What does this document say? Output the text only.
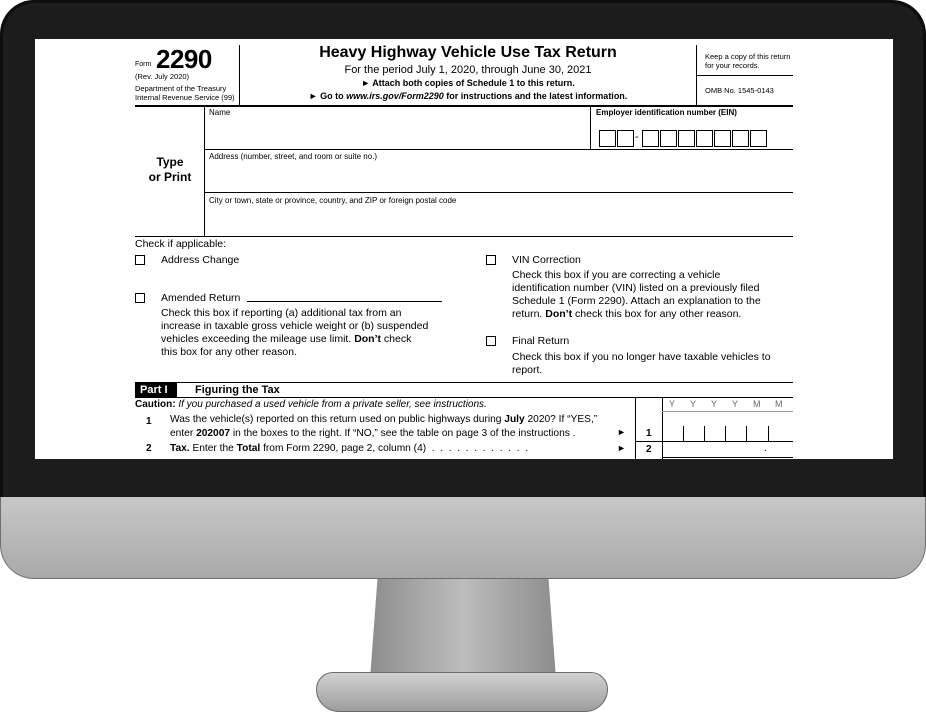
Form 2290
(Rev. July 2020)
Department of the Treasury
Internal Revenue Service (99)
Heavy Highway Vehicle Use Tax Return
For the period July 1, 2020, through June 30, 2021
► Attach both copies of Schedule 1 to this return.
► Go to www.irs.gov/Form2290 for instructions and the latest information.
Keep a copy of this return for your records.
OMB No. 1545-0143
Type
or Print
Name	Employer identification number (EIN)
-
Address (number, street, and room or suite no.)
City or town, state or province, country, and ZIP or foreign postal code
Check if applicable:
Address Change
Amended Return
Check this box if reporting (a) additional tax from an
increase in taxable gross vehicle weight or (b) suspended
vehicles exceeding the mileage use limit. Don’t check
this box for any other reason.
VIN Correction
Check this box if you are correcting a vehicle
identification number (VIN) listed on a previously filed
Schedule 1 (Form 2290). Attach an explanation to the
return. Don’t check this box for any other reason.
Final Return
Check this box if you no longer have taxable vehicles to
report.
Part I	Figuring the Tax
Caution: If you purchased a used vehicle from a private seller, see instructions.	Y Y Y Y M M
1 Was the vehicle(s) reported on this return used on public highways during July 2020? If “YES,”
enter 202007 in the boxes to the right. If “NO,” see the table on page 3 of the instructions .	► 1
2 Tax. Enter the Total from Form 2290, page 2, column (4)  .  .  .  .  .  .  .  .  .  .  .  .	► 2	.
